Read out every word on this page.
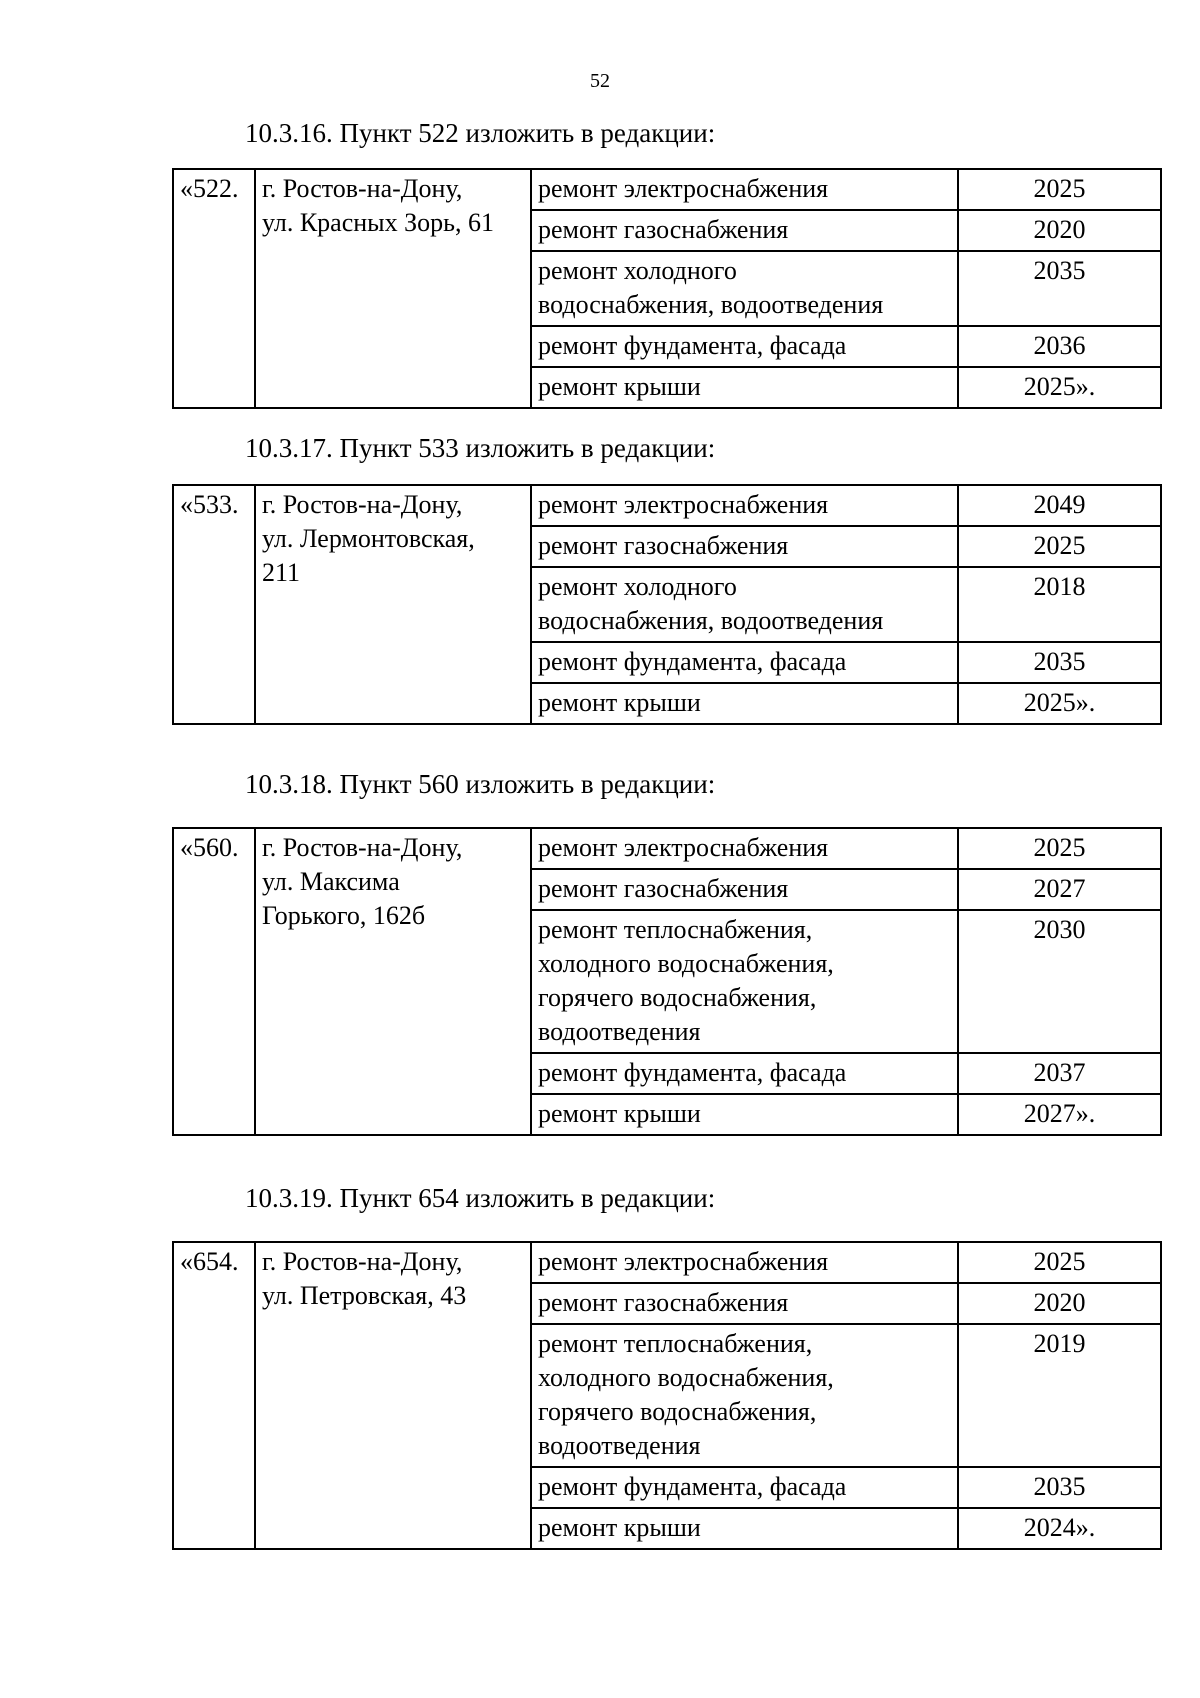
52
10.3.16. Пункт 522 изложить в редакции:
«522.	г. Ростов-на-Дону,
ул. Красных Зорь, 61	ремонт электроснабжения	2025

		ремонт газоснабжения	2020

		ремонт холодного
водоснабжения, водоотведения	2035

		ремонт фундамента, фасада	2036

		ремонт крыши	2025».
10.3.17. Пункт 533 изложить в редакции:
«533.	г. Ростов-на-Дону,
ул. Лермонтовская,
211	ремонт электроснабжения	2049

		ремонт газоснабжения	2025

		ремонт холодного
водоснабжения, водоотведения	2018

		ремонт фундамента, фасада	2035

		ремонт крыши	2025».
10.3.18. Пункт 560 изложить в редакции:
«560.	г. Ростов-на-Дону,
ул. Максима
Горького, 162б	ремонт электроснабжения	2025

		ремонт газоснабжения	2027

		ремонт теплоснабжения,
холодного водоснабжения,
горячего водоснабжения,
водоотведения	2030

		ремонт фундамента, фасада	2037

		ремонт крыши	2027».
10.3.19. Пункт 654 изложить в редакции:
«654.	г. Ростов-на-Дону,
ул. Петровская, 43	ремонт электроснабжения	2025

		ремонт газоснабжения	2020

		ремонт теплоснабжения,
холодного водоснабжения,
горячего водоснабжения,
водоотведения	2019

		ремонт фундамента, фасада	2035

		ремонт крыши	2024».
